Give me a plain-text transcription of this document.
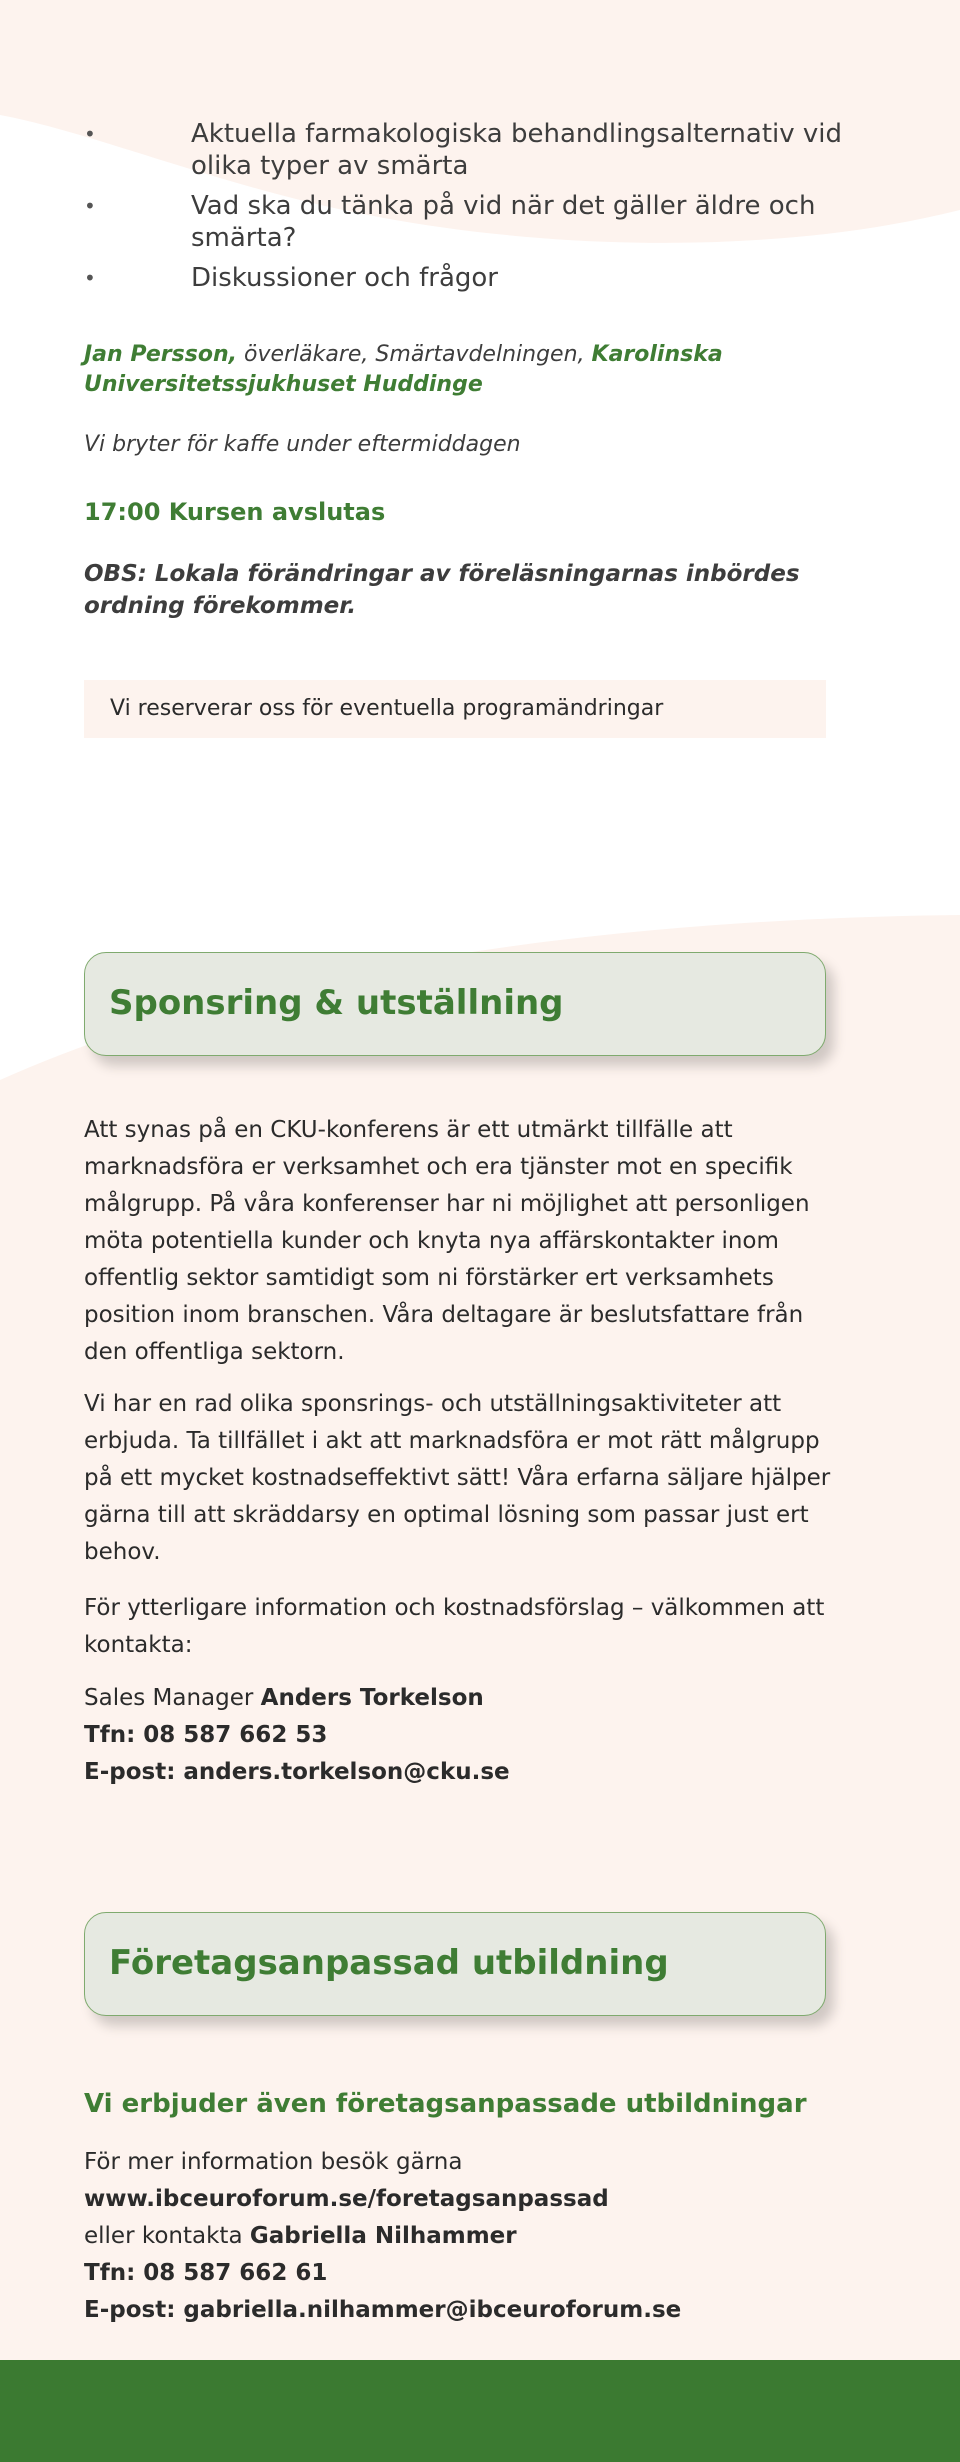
•	Aktuella farmakologiska behandlingsalternativ vid olika typer av smärta
•	Vad ska du tänka på vid när det gäller äldre och smärta?
•	Diskussioner och frågor

Jan Persson, överläkare, Smärtavdelningen, Karolinska Universitetssjukhuset Huddinge

Vi bryter för kaffe under eftermiddagen

17:00 Kursen avslutas

OBS: Lokala förändringar av föreläsningarnas inbördes ordning förekommer.

Vi reserverar oss för eventuella programändringar
Sponsring & utställning

Att synas på en CKU-konferens är ett utmärkt tillfälle att marknadsföra er verksamhet och era tjänster mot en specifik målgrupp. På våra konferenser har ni möjlighet att personligen möta potentiella kunder och knyta nya affärskontakter inom offentlig sektor samtidigt som ni förstärker ert verksamhets position inom branschen. Våra deltagare är beslutsfattare från den offentliga sektorn.

Vi har en rad olika sponsrings- och utställningsaktiviteter att erbjuda. Ta tillfället i akt att marknadsföra er mot rätt målgrupp på ett mycket kostnadseffektivt sätt! Våra erfarna säljare hjälper gärna till att skräddarsy en optimal lösning som passar just ert behov.

För ytterligare information och kostnadsförslag – välkommen att kontakta:

Sales Manager Anders Torkelson
Tfn: 08 587 662 53
E-post: anders.torkelson@cku.se
Företagsanpassad utbildning

Vi erbjuder även företagsanpassade utbildningar

För mer information besök gärna
www.ibceuroforum.se/foretagsanpassad
eller kontakta Gabriella Nilhammer
Tfn: 08 587 662 61
E-post: gabriella.nilhammer@ibceuroforum.se
